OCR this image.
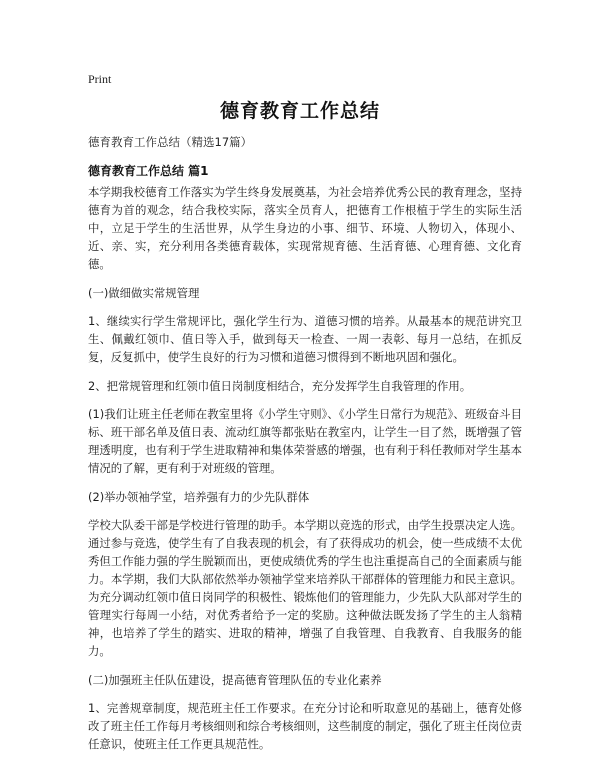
Print
德育教育工作总结
德育教育工作总结（精选17篇）
德育教育工作总结 篇1

本学期我校德育工作落实为学生终身发展奠基，为社会培养优秀公民的教育理念，坚持德育为首的观念，结合我校实际，落实全员育人，把德育工作根植于学生的实际生活中，立足于学生的生活世界，从学生身边的小事、细节、环境、人物切入，体现小、近、亲、实，充分利用各类德育载体，实现常规育德、生活育德、心理育德、文化育德。

(一)做细做实常规管理

1、继续实行学生常规评比，强化学生行为、道德习惯的培养。从最基本的规范讲究卫生、佩戴红领巾、值日等入手，做到每天一检查、一周一表彰、每月一总结，在抓反复，反复抓中，使学生良好的行为习惯和道德习惯得到不断地巩固和强化。

2、把常规管理和红领巾值日岗制度相结合，充分发挥学生自我管理的作用。

(1)我们让班主任老师在教室里将《小学生守则》、《小学生日常行为规范》、班级奋斗目标、班干部名单及值日表、流动红旗等都张贴在教室内，让学生一目了然，既增强了管理透明度，也有利于学生进取精神和集体荣誉感的增强，也有利于科任教师对学生基本情况的了解，更有利于对班级的管理。

(2)举办领袖学堂，培养强有力的少先队群体

学校大队委干部是学校进行管理的助手。本学期以竞选的形式，由学生投票决定人选。通过参与竞选，使学生有了自我表现的机会，有了获得成功的机会，使一些成绩不太优秀但工作能力强的学生脱颖而出，更使成绩优秀的学生也注重提高自己的全面素质与能力。本学期，我们大队部依然举办领袖学堂来培养队干部群体的管理能力和民主意识。为充分调动红领巾值日岗同学的积极性、锻炼他们的管理能力，少先队大队部对学生的管理实行每周一小结，对优秀者给予一定的奖励。这种做法既发扬了学生的主人翁精神，也培养了学生的踏实、进取的精神，增强了自我管理、自我教育、自我服务的能力。

(二)加强班主任队伍建设，提高德育管理队伍的专业化素养

1、完善规章制度，规范班主任工作要求。在充分讨论和听取意见的基础上，德育处修改了班主任工作每月考核细则和综合考核细则，这些制度的制定，强化了班主任岗位责任意识，使班主任工作更具规范性。
